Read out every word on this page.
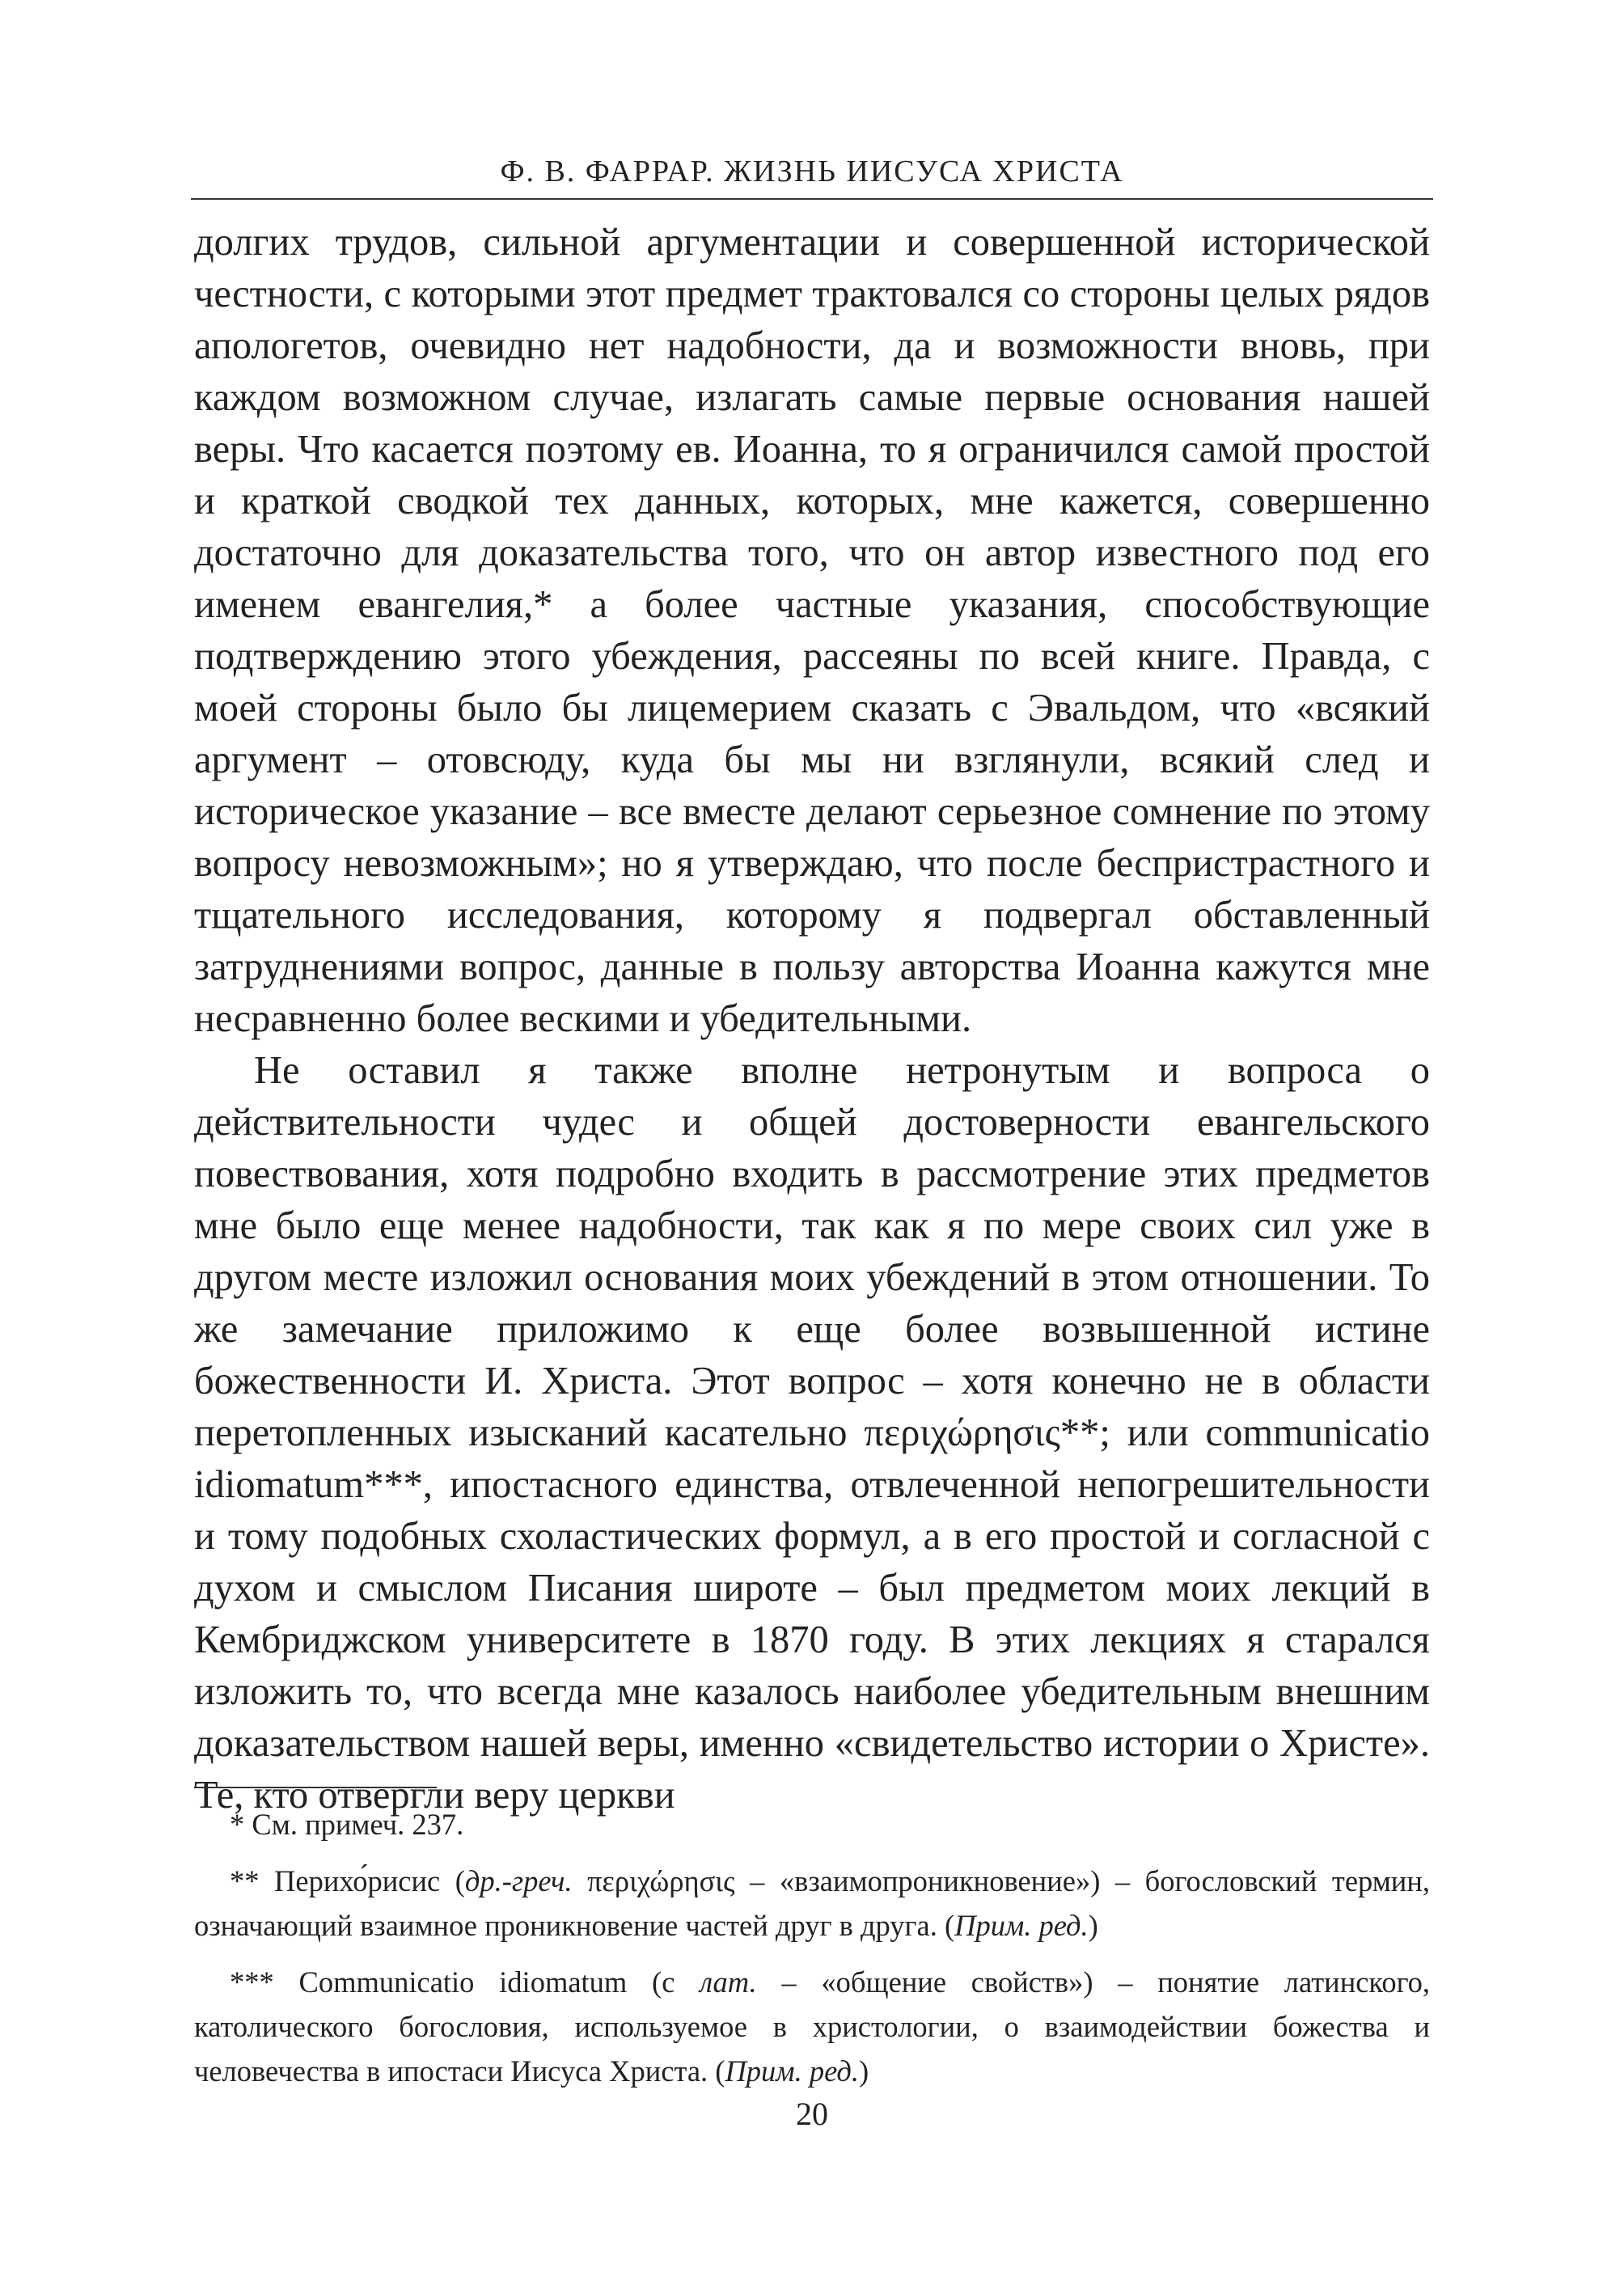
Ф. В. ФАРРАР. ЖИЗНЬ ИИСУСА ХРИСТА

долгих трудов, сильной аргументации и совершенной исторической честности, с которыми этот предмет трактовался со стороны целых рядов апологетов, очевидно нет надобности, да и возможности вновь, при каждом возможном случае, излагать самые первые основания нашей веры. Что касается поэтому ев. Иоанна, то я ограничился самой простой и краткой сводкой тех данных, которых, мне кажется, совершенно достаточно для доказательства того, что он автор известного под его именем евангелия,* а более частные указания, способствующие подтверждению этого убеждения, рассеяны по всей книге. Правда, с моей стороны было бы лицемерием сказать с Эвальдом, что «всякий аргумент – отовсюду, куда бы мы ни взглянули, всякий след и историческое указание – все вместе делают серьезное сомнение по этому вопросу невозможным»; но я утверждаю, что после беспристрастного и тщательного исследования, которому я подвергал обставленный затруднениями вопрос, данные в пользу авторства Иоанна кажутся мне несравненно более вескими и убедительными.

Не оставил я также вполне нетронутым и вопроса о действительности чудес и общей достоверности евангельского повествования, хотя подробно входить в рассмотрение этих предметов мне было еще менее надобности, так как я по мере своих сил уже в другом месте изложил основания моих убеждений в этом отношении. То же замечание приложимо к еще более возвышенной истине божественности И. Христа. Этот вопрос – хотя конечно не в области перетопленных изысканий касательно περιχώρησις**; или communicatio idiomatum***, ипостасного единства, отвлеченной непогрешительности и тому подобных схоластических формул, а в его простой и согласной с духом и смыслом Писания широте – был предметом моих лекций в Кембриджском университете в 1870 году. В этих лекциях я старался изложить то, что всегда мне казалось наиболее убедительным внешним доказательством нашей веры, именно «свидетельство истории о Христе». Те, кто отвергли веру церкви

* См. примеч. 237.

** Перихо́рисис (др.-греч. περιχώρησις – «взаимопроникновение») – богословский термин, означающий взаимное проникновение частей друг в друга. (Прим. ред.)

*** Communicatio idiomatum (с лат. – «общение свойств») – понятие латинского, католического богословия, используемое в христологии, о взаимодействии божества и человечества в ипостаси Иисуса Христа. (Прим. ред.)

20
